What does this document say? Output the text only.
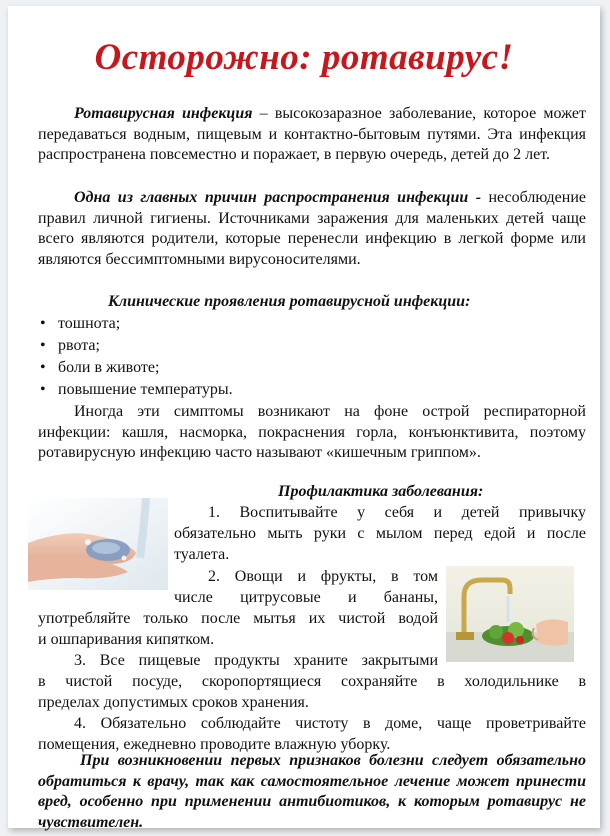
Осторожно: ротавирус!
Ротавирусная инфекция – высокозаразное заболевание, которое может передаваться водным, пищевым и контактно-бытовым путями. Эта инфекция распространена повсеместно и поражает, в первую очередь, детей до 2 лет.
Одна из главных причин распространения инфекции - несоблюдение правил личной гигиены. Источниками заражения для маленьких детей чаще всего являются родители, которые перенесли инфекцию в легкой форме или являются бессимптомными вирусоносителями.
Клинические проявления ротавирусной инфекции:
• тошнота;
• рвота;
• боли в животе;
• повышение температуры.
Иногда эти симптомы возникают на фоне острой респираторной инфекции: кашля, насморка, покраснения горла, конъюнктивита, поэтому ротавирусную инфекцию часто называют «кишечным гриппом».
Профилактика заболевания:
1. Воспитывайте у себя и детей привычку
обязательно мыть руки с мылом перед едой и после
туалета.
2. Овощи и фрукты, в том
числе цитрусовые и бананы,
употребляйте только после мытья их чистой водой
и ошпаривания кипятком.
3. Все пищевые продукты храните закрытыми
в чистой посуде, скоропортящиеся сохраняйте в холодильнике в
пределах допустимых сроков хранения.
4. Обязательно соблюдайте чистоту в доме, чаще проветривайте помещения, ежедневно проводите влажную уборку.
При возникновении первых признаков болезни следует обязательно обратиться к врачу, так как самостоятельное лечение может принести вред, особенно при применении антибиотиков, к которым ротавирус не чувствителен.
